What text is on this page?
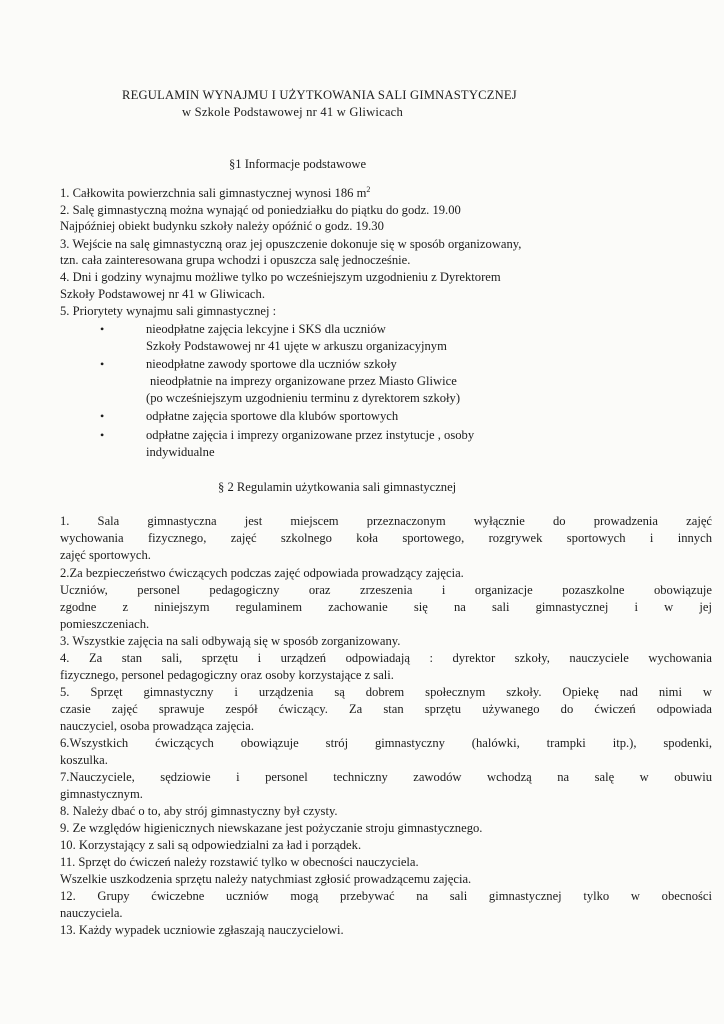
REGULAMIN WYNAJMU I UŻYTKOWANIA SALI GIMNASTYCZNEJ
w Szkole Podstawowej nr 41 w Gliwicach
§1 Informacje podstawowe
1. Całkowita powierzchnia sali gimnastycznej wynosi 186 $m^2$
2. Salę gimnastyczną można wynająć od poniedziałku do piątku do godz. 19.00
Najpóźniej obiekt budynku szkoły należy opóźnić o godz. 19.30
3. Wejście na salę gimnastyczną oraz jej opuszczenie dokonuje się w sposób organizowany,
tzn. cała zainteresowana grupa wchodzi i opuszcza salę jednocześnie.
4. Dni i godziny wynajmu możliwe tylko po wcześniejszym uzgodnieniu z Dyrektorem
Szkoły Podstawowej nr 41 w Gliwicach.
5. Priorytety wynajmu sali gimnastycznej :
•	nieodpłatne zajęcia lekcyjne i SKS dla uczniów
Szkoły Podstawowej nr 41 ujęte w arkuszu organizacyjnym
•	nieodpłatne zawody sportowe dla uczniów szkoły
nieodpłatnie na imprezy organizowane przez Miasto Gliwice
(po wcześniejszym uzgodnieniu terminu z dyrektorem szkoły)
•	odpłatne zajęcia sportowe dla klubów sportowych
•	odpłatne zajęcia i imprezy organizowane przez instytucje , osoby
indywidualne
§ 2 Regulamin użytkowania sali gimnastycznej
1. Sala gimnastyczna jest miejscem przeznaczonym wyłącznie do prowadzenia zajęć
wychowania fizycznego, zajęć szkolnego koła sportowego, rozgrywek sportowych i innych
zajęć sportowych.
2.Za bezpieczeństwo ćwiczących podczas zajęć odpowiada prowadzący zajęcia.
Uczniów, personel pedagogiczny oraz zrzeszenia i organizacje pozaszkolne obowiązuje
zgodne z niniejszym regulaminem zachowanie się na sali gimnastycznej i w jej
pomieszczeniach.
3. Wszystkie zajęcia na sali odbywają się w sposób zorganizowany.
4. Za stan sali, sprzętu i urządzeń odpowiadają : dyrektor szkoły, nauczyciele wychowania
fizycznego, personel pedagogiczny oraz osoby korzystające z sali.
5. Sprzęt gimnastyczny i urządzenia są dobrem społecznym szkoły. Opiekę nad nimi w
czasie zajęć sprawuje zespół ćwiczący. Za stan sprzętu używanego do ćwiczeń odpowiada
nauczyciel, osoba prowadząca zajęcia.
6.Wszystkich ćwiczących obowiązuje strój gimnastyczny (halówki, trampki itp.), spodenki,
koszulka.
7.Nauczyciele, sędziowie i personel techniczny zawodów wchodzą na salę w obuwiu
gimnastycznym.
8. Należy dbać o to, aby strój gimnastyczny był czysty.
9. Ze względów higienicznych niewskazane jest pożyczanie stroju gimnastycznego.
10. Korzystający z sali są odpowiedzialni za ład i porządek.
11. Sprzęt do ćwiczeń należy rozstawić tylko w obecności nauczyciela.
Wszelkie uszkodzenia sprzętu należy natychmiast zgłosić prowadzącemu zajęcia.
12. Grupy ćwiczebne uczniów mogą przebywać na sali gimnastycznej tylko w obecności
nauczyciela.
13. Każdy wypadek uczniowie zgłaszają nauczycielowi.
